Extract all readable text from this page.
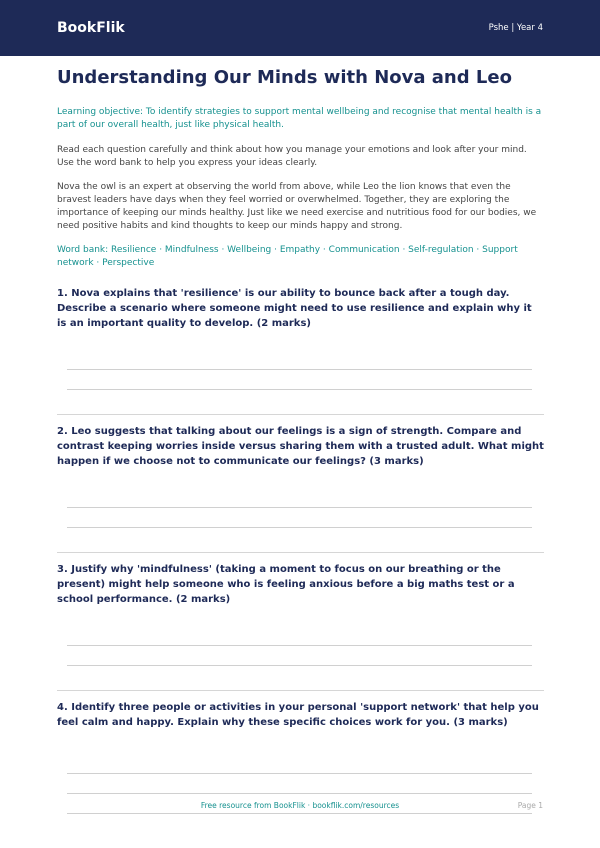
BookFlik	Pshe | Year 4
Understanding Our Minds with Nova and Leo

Learning objective: To identify strategies to support mental wellbeing and recognise that mental health is a part of our overall health, just like physical health.

Read each question carefully and think about how you manage your emotions and look after your mind. Use the word bank to help you express your ideas clearly.

Nova the owl is an expert at observing the world from above, while Leo the lion knows that even the bravest leaders have days when they feel worried or overwhelmed. Together, they are exploring the importance of keeping our minds healthy. Just like we need exercise and nutritious food for our bodies, we need positive habits and kind thoughts to keep our minds happy and strong.

Word bank: Resilience · Mindfulness · Wellbeing · Empathy · Communication · Self-regulation · Support network · Perspective

1. Nova explains that 'resilience' is our ability to bounce back after a tough day. Describe a scenario where someone might need to use resilience and explain why it is an important quality to develop. (2 marks)

2. Leo suggests that talking about our feelings is a sign of strength. Compare and contrast keeping worries inside versus sharing them with a trusted adult. What might happen if we choose not to communicate our feelings? (3 marks)

3. Justify why 'mindfulness' (taking a moment to focus on our breathing or the present) might help someone who is feeling anxious before a big maths test or a school performance. (2 marks)

4. Identify three people or activities in your personal 'support network' that help you feel calm and happy. Explain why these specific choices work for you. (3 marks)

Free resource from BookFlik · bookflik.com/resources	Page 1
